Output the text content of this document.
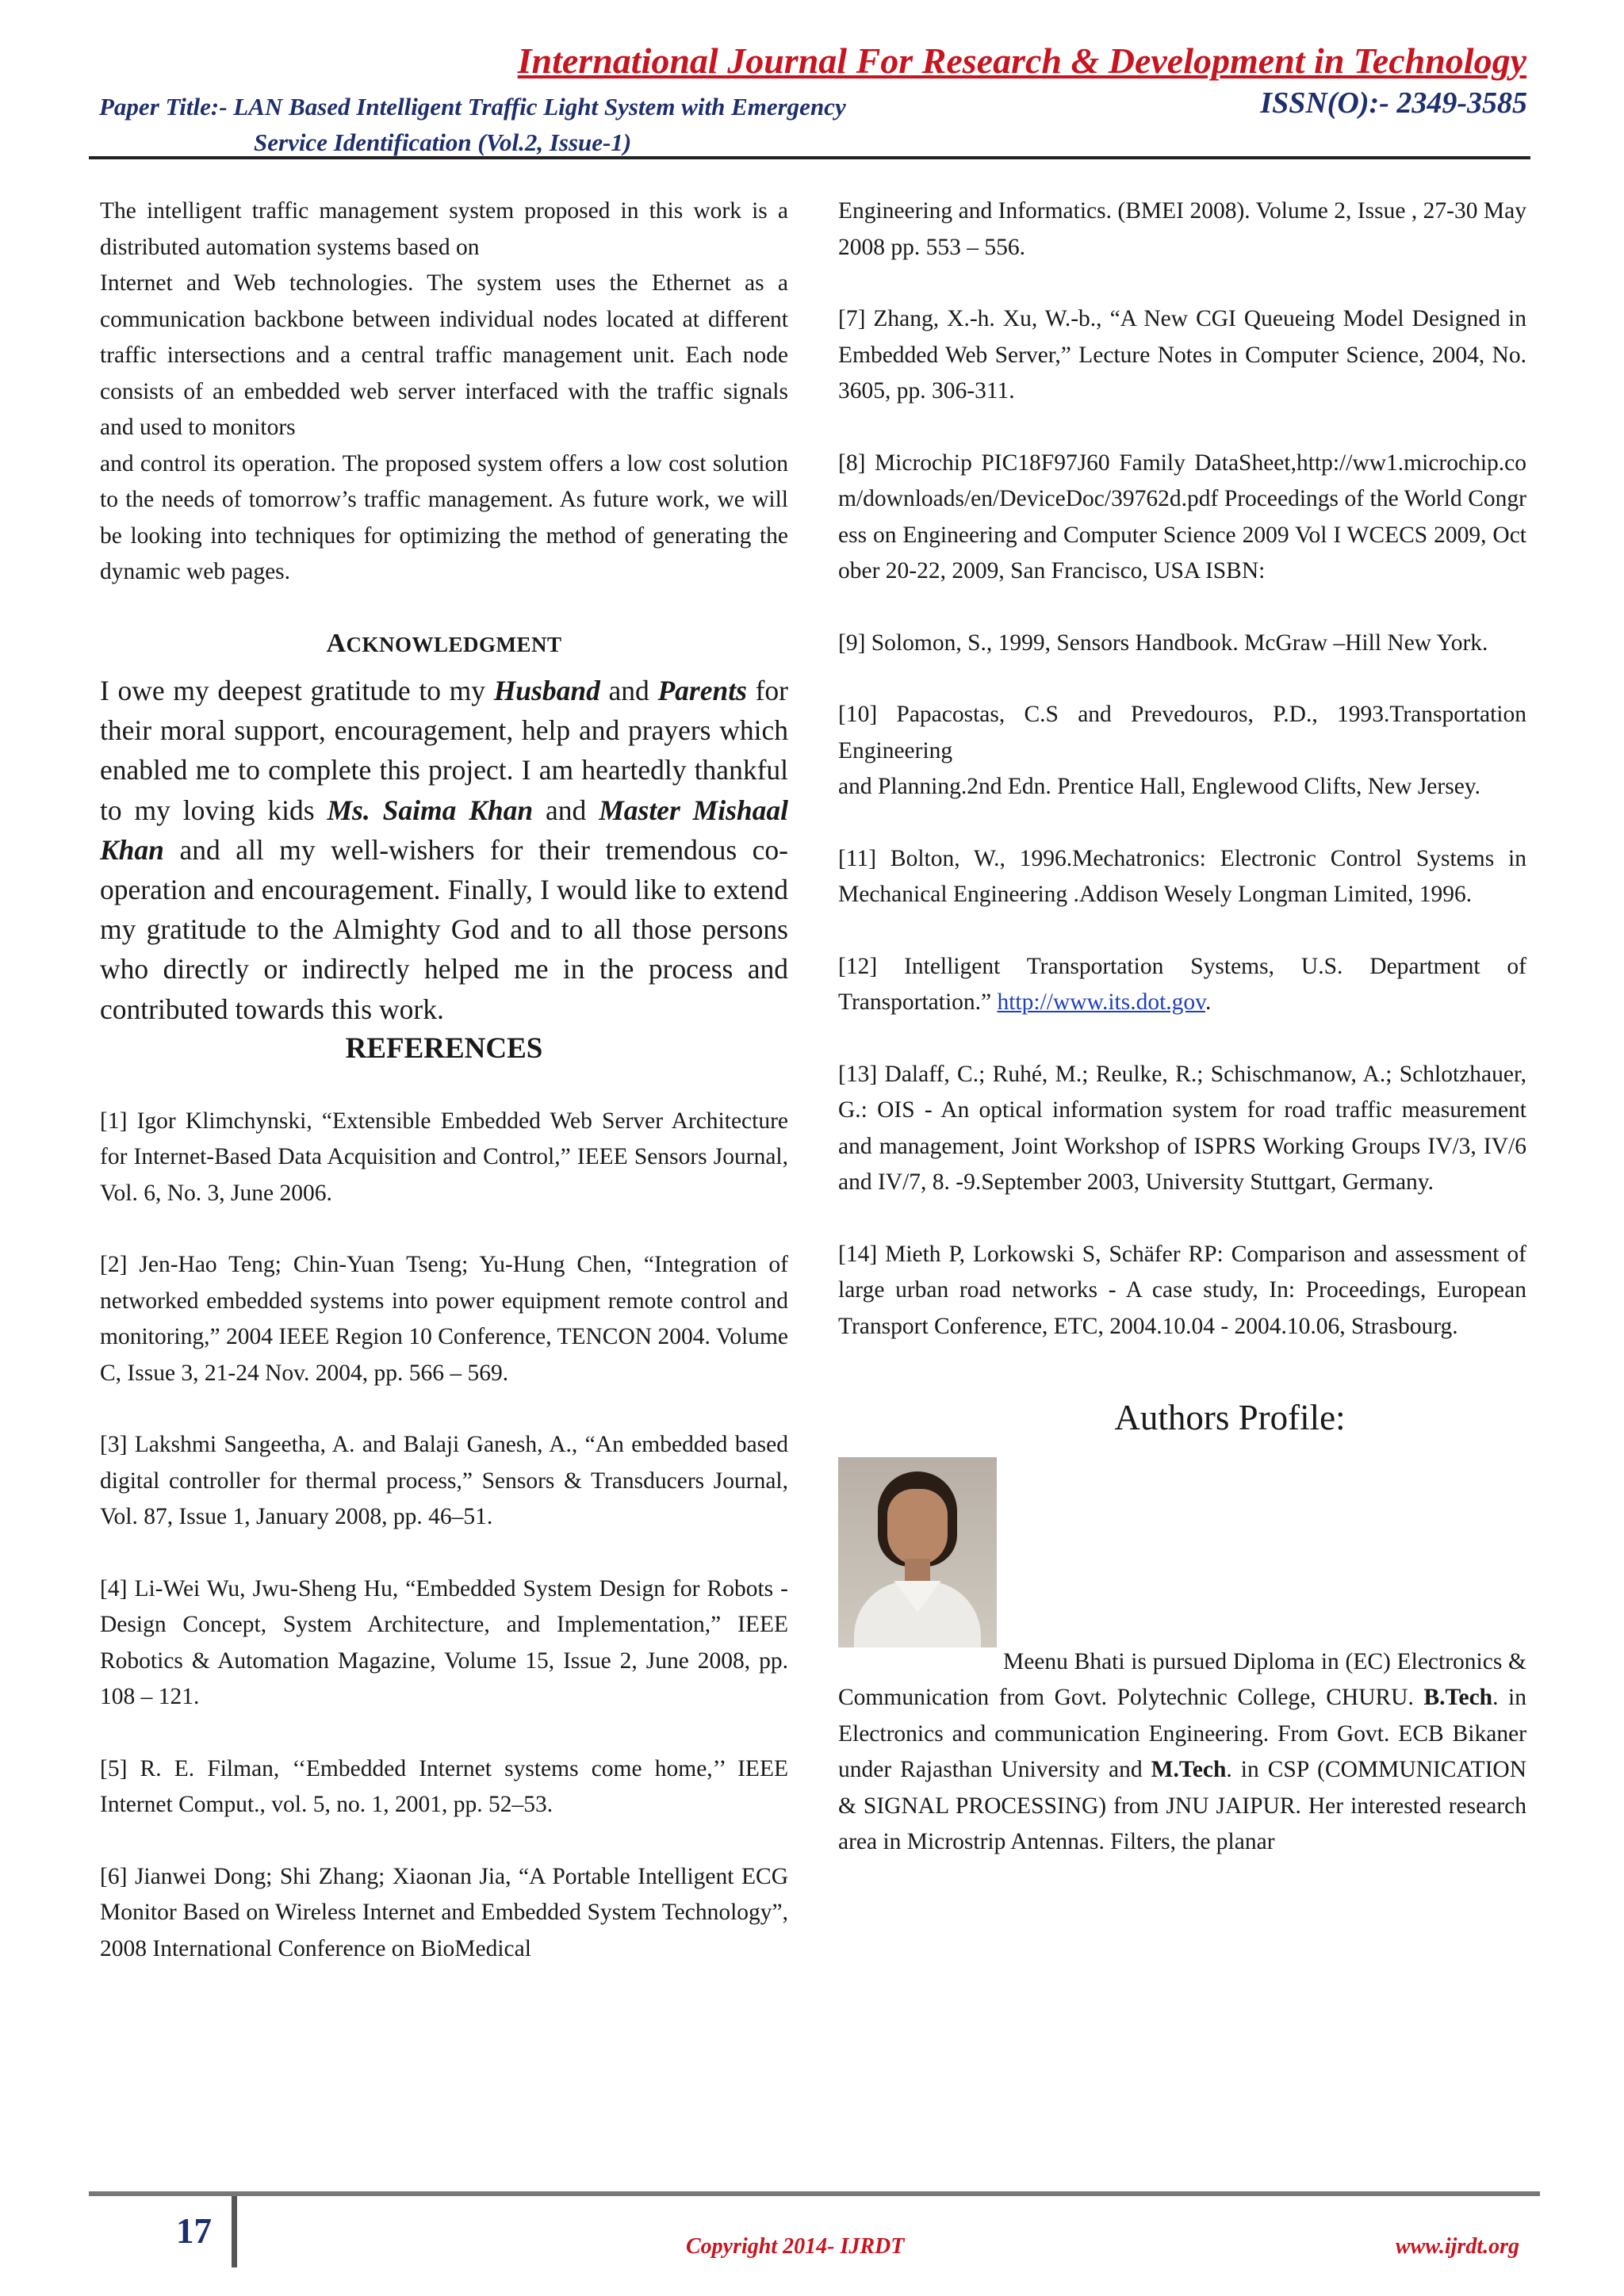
International Journal For Research & Development in Technology
Paper Title:- LAN Based Intelligent Traffic Light System with Emergency
Service Identification (Vol.2, Issue-1)
ISSN(O):- 2349-3585

The intelligent traffic management system proposed in this work is a distributed automation systems based on

Internet and Web technologies. The system uses the Ethernet as a communication backbone between individual nodes located at different traffic intersections and a central traffic management unit. Each node consists of an embedded web server interfaced with the traffic signals and used to monitors

and control its operation. The proposed system offers a low cost solution to the needs of tomorrow’s traffic management. As future work, we will be looking into techniques for optimizing the method of generating the dynamic web pages.

ACKNOWLEDGMENT

I owe my deepest gratitude to my Husband and Parents for their moral support, encouragement, help and prayers which enabled me to complete this project. I am heartedly thankful to my loving kids Ms. Saima Khan and Master Mishaal Khan and all my well-wishers for their tremendous co-operation and encouragement. Finally, I would like to extend my gratitude to the Almighty God and to all those persons who directly or indirectly helped me in the process and contributed towards this work.

REFERENCES

[1] Igor Klimchynski, “Extensible Embedded Web Server Architecture for Internet-Based Data Acquisition and Control,” IEEE Sensors Journal, Vol. 6, No. 3, June 2006.

[2] Jen-Hao Teng; Chin-Yuan Tseng; Yu-Hung Chen, “Integration of networked embedded systems into power equipment remote control and monitoring,” 2004 IEEE Region 10 Conference, TENCON 2004. Volume C, Issue 3, 21-24 Nov. 2004, pp. 566 – 569.

[3] Lakshmi Sangeetha, A. and Balaji Ganesh, A., “An embedded based digital controller for thermal process,” Sensors & Transducers Journal, Vol. 87, Issue 1, January 2008, pp. 46–51.

[4] Li-Wei Wu, Jwu-Sheng Hu, “Embedded System Design for Robots - Design Concept, System Architecture, and Implementation,” IEEE Robotics & Automation Magazine, Volume 15, Issue 2, June 2008, pp. 108 – 121.

[5] R. E. Filman, ‘‘Embedded Internet systems come home,’’ IEEE Internet Comput., vol. 5, no. 1, 2001, pp. 52–53.

[6] Jianwei Dong; Shi Zhang; Xiaonan Jia, “A Portable Intelligent ECG Monitor Based on Wireless Internet and Embedded System Technology”, 2008 International Conference on BioMedical

Engineering and Informatics. (BMEI 2008). Volume 2, Issue , 27-30 May 2008 pp. 553 – 556.

[7] Zhang, X.-h. Xu, W.-b., “A New CGI Queueing Model Designed in Embedded Web Server,” Lecture Notes in Computer Science, 2004, No. 3605, pp. 306-311.

[8] Microchip PIC18F97J60 Family DataSheet,http://ww1.microchip.com/downloads/en/DeviceDoc/39762d.pdf Proceedings of the World Congress on Engineering and Computer Science 2009 Vol I WCECS 2009, October 20-22, 2009, San Francisco, USA ISBN:

[9] Solomon, S., 1999, Sensors Handbook. McGraw –Hill New York.

[10] Papacostas, C.S and Prevedouros, P.D., 1993.Transportation Engineering

and Planning.2nd Edn. Prentice Hall, Englewood Clifts, New Jersey.

[11] Bolton, W., 1996.Mechatronics: Electronic Control Systems in Mechanical Engineering .Addison Wesely Longman Limited, 1996.

[12] Intelligent Transportation Systems, U.S. Department of Transportation.” http://www.its.dot.gov.

[13] Dalaff, C.; Ruhé, M.; Reulke, R.; Schischmanow, A.; Schlotzhauer, G.: OIS - An optical information system for road traffic measurement and management, Joint Workshop of ISPRS Working Groups IV/3, IV/6 and IV/7, 8. -9.September 2003, University Stuttgart, Germany.

[14] Mieth P, Lorkowski S, Schäfer RP: Comparison and assessment of large urban road networks - A case study, In: Proceedings, European Transport Conference, ETC, 2004.10.04 - 2004.10.06, Strasbourg.

Authors Profile:

Meenu Bhati is pursued Diploma in (EC) Electronics & Communication from Govt. Polytechnic College, CHURU. B.Tech. in Electronics and communication Engineering. From Govt. ECB Bikaner under Rajasthan University and M.Tech. in CSP (COMMUNICATION & SIGNAL PROCESSING) from JNU JAIPUR. Her interested research area in Microstrip Antennas. Filters, the planar

17	Copyright 2014- IJRDT	www.ijrdt.org
